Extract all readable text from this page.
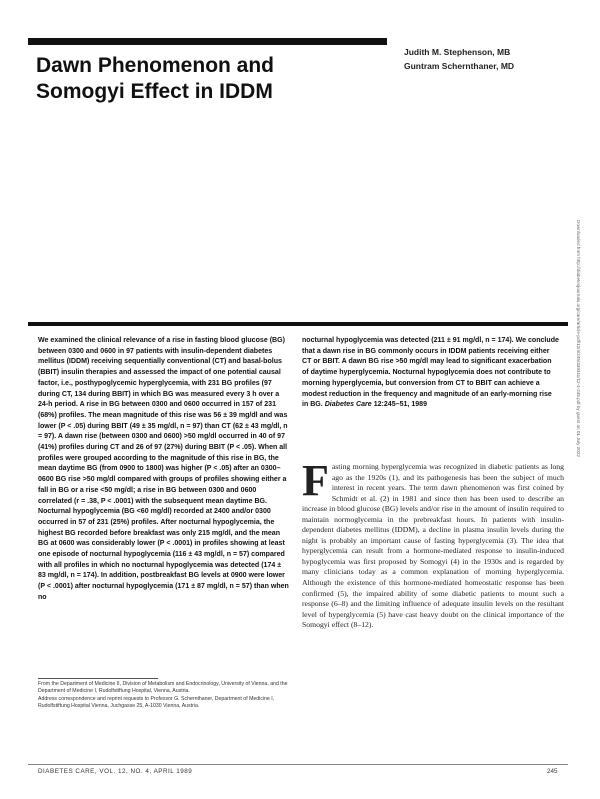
Dawn Phenomenon and
Somogyi Effect in IDDM
Judith M. Stephenson, MB
Guntram Schernthaner, MD
Downloaded from http://diabetesjournals.org/care/article-pdf/12/4/245/339311/12-4-245.pdf by guest on 01 July 2022

We examined the clinical relevance of a rise in fasting blood glucose (BG) between 0300 and 0600 in 97 patients with insulin-dependent diabetes mellitus (IDDM) receiving sequentially conventional (CT) and basal-bolus (BBIT) insulin therapies and assessed the impact of one potential causal factor, i.e., posthypoglycemic hyperglycemia, with 231 BG profiles (97 during CT, 134 during BBIT) in which BG was measured every 3 h over a 24-h period. A rise in BG between 0300 and 0600 occurred in 157 of 231 (68%) profiles. The mean magnitude of this rise was 56 ± 39 mg/dl and was lower (P < .05) during BBIT (49 ± 35 mg/dl, n = 97) than CT (62 ± 43 mg/dl, n = 97). A dawn rise (between 0300 and 0600) >50 mg/dl occurred in 40 of 97 (41%) profiles during CT and 26 of 97 (27%) during BBIT (P < .05). When all profiles were grouped according to the magnitude of this rise in BG, the mean daytime BG (from 0900 to 1800) was higher (P < .05) after an 0300–0600 BG rise >50 mg/dl compared with groups of profiles showing either a fall in BG or a rise <50 mg/dl; a rise in BG between 0300 and 0600 correlated (r = .38, P < .0001) with the subsequent mean daytime BG. Nocturnal hypoglycemia (BG <60 mg/dl) recorded at 2400 and/or 0300 occurred in 57 of 231 (25%) profiles. After nocturnal hypoglycemia, the highest BG recorded before breakfast was only 215 mg/dl, and the mean BG at 0600 was considerably lower (P < .0001) in profiles showing at least one episode of nocturnal hypoglycemia (116 ± 43 mg/dl, n = 57) compared with all profiles in which no nocturnal hypoglycemia was detected (174 ± 83 mg/dl, n = 174). In addition, postbreakfast BG levels at 0900 were lower (P < .0001) after nocturnal hypoglycemia (171 ± 87 mg/dl, n = 57) than when no

nocturnal hypoglycemia was detected (211 ± 91 mg/dl, n = 174). We conclude that a dawn rise in BG commonly occurs in IDDM patients receiving either CT or BBIT. A dawn BG rise >50 mg/dl may lead to significant exacerbation of daytime hyperglycemia. Nocturnal hypoglycemia does not contribute to morning hyperglycemia, but conversion from CT to BBIT can achieve a modest reduction in the frequency and magnitude of an early-morning rise in BG. Diabetes Care 12:245–51, 1989

F asting morning hyperglycemia was recognized in diabetic patients as long ago as the 1920s (1), and its pathogenesis has been the subject of much interest in recent years. The term dawn phenomenon was first coined by Schmidt et al. (2) in 1981 and since then has been used to describe an increase in blood glucose (BG) levels and/or rise in the amount of insulin required to maintain normoglycemia in the prebreakfast hours. In patients with insulin-dependent diabetes mellitus (IDDM), a decline in plasma insulin levels during the night is probably an important cause of fasting hyperglycemia (3). The idea that hyperglycemia can result from a hormone-mediated response to insulin-induced hypoglycemia was first proposed by Somogyi (4) in the 1930s and is regarded by many clinicians today as a common explanation of morning hyperglycemia. Although the existence of this hormone-mediated homeostatic response has been confirmed (5), the impaired ability of some diabetic patients to mount such a response (6–8) and the limiting influence of adequate insulin levels on the resultant level of hyperglycemia (5) have cast heavy doubt on the clinical importance of the Somogyi effect (8–12).

From the Department of Medicine II, Division of Metabolism and Endocrinology, University of Vienna, and the Department of Medicine I, Rudolfstiftung Hospital, Vienna, Austria.

Address correspondence and reprint requests to Professor G. Schernthaner, Department of Medicine I, Rudolfstiftung Hospital Vienna, Juchgasse 25, A-1030 Vienna, Austria.

DIABETES CARE, VOL. 12, NO. 4, APRIL 1989	245
